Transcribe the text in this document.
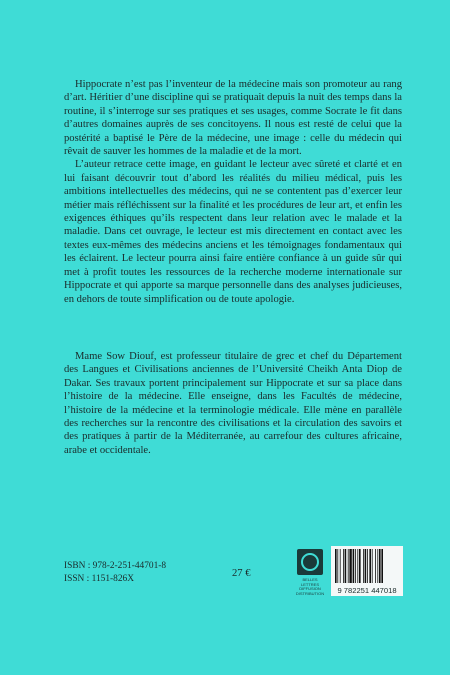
Hippocrate n’est pas l’inventeur de la médecine mais son promoteur au rang d’art. Héritier d’une discipline qui se pratiquait depuis la nuit des temps dans la routine, il s’interroge sur ses pratiques et ses usages, comme Socrate le fit dans d’autres domaines auprès de ses concitoyens. Il nous est resté de celui que la postérité a baptisé le Père de la médecine, une image : celle du médecin qui rêvait de sauver les hommes de la maladie et de la mort.

L’auteur retrace cette image, en guidant le lecteur avec sûreté et clarté et en lui faisant découvrir tout d’abord les réalités du milieu médical, puis les ambitions intellectuelles des médecins, qui ne se contentent pas d’exercer leur métier mais réfléchissent sur la finalité et les procédures de leur art, et enfin les exigences éthiques qu’ils respectent dans leur relation avec le malade et la maladie. Dans cet ouvrage, le lecteur est mis directement en contact avec les textes eux-mêmes des médecins anciens et les témoignages fondamentaux qui les éclairent. Le lecteur pourra ainsi faire entière confiance à un guide sûr qui met à profit toutes les ressources de la recherche moderne internationale sur Hippocrate et qui apporte sa marque personnelle dans des analyses judicieuses, en dehors de toute simplification ou de toute apologie.

Mame Sow Diouf, est professeur titulaire de grec et chef du Département des Langues et Civilisations anciennes de l’Université Cheikh Anta Diop de Dakar. Ses travaux portent principalement sur Hippocrate et sur sa place dans l’histoire de la médecine. Elle enseigne, dans les Facultés de médecine, l’histoire de la médecine et la terminologie médicale. Elle mène en parallèle des recherches sur la rencontre des civilisations et la circulation des savoirs et des pratiques à partir de la Méditerranée, au carrefour des cultures africaine, arabe et occidentale.

ISBN : 978-2-251-44701-8
ISSN : 1151-826X	27 €
BELLES LETTRES DIFFUSION DISTRIBUTION	9 782251 447018
